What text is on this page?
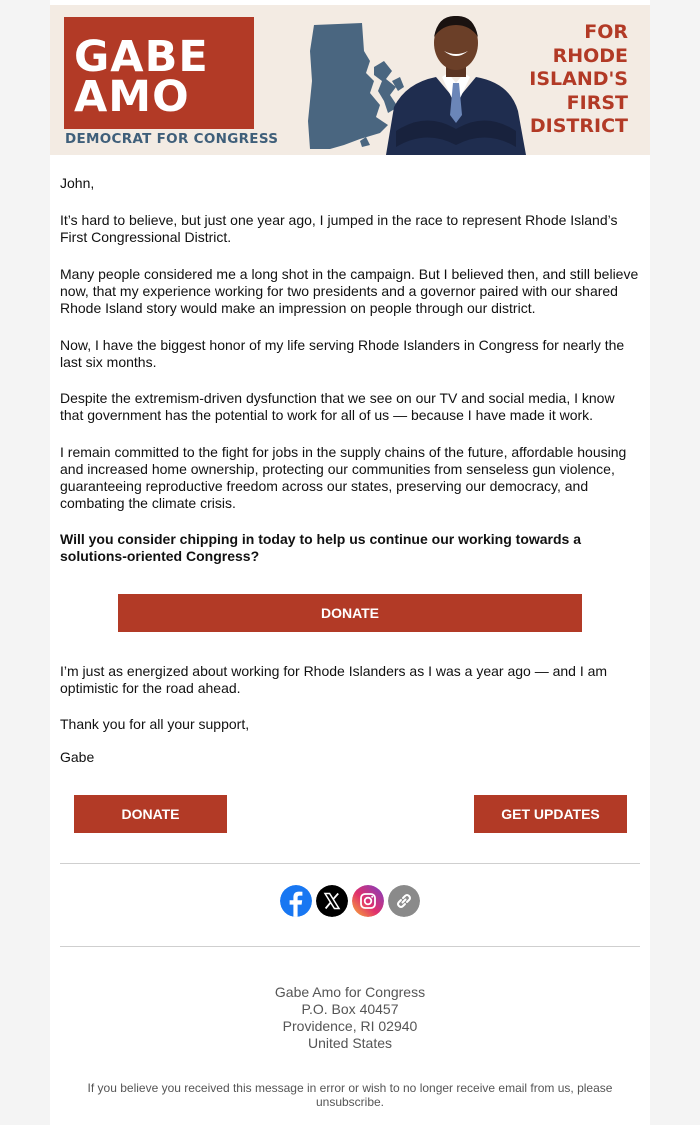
GABE
AMO
DEMOCRAT FOR CONGRESS
FOR
RHODE
ISLAND'S
FIRST
DISTRICT

John,

It’s hard to believe, but just one year ago, I jumped in the race to represent Rhode Island’s First Congressional District.

Many people considered me a long shot in the campaign. But I believed then, and still believe now, that my experience working for two presidents and a governor paired with our shared Rhode Island story would make an impression on people through our district.

Now, I have the biggest honor of my life serving Rhode Islanders in Congress for nearly the last six months.

Despite the extremism-driven dysfunction that we see on our TV and social media, I know that government has the potential to work for all of us — because I have made it work.

I remain committed to the fight for jobs in the supply chains of the future, affordable housing and increased home ownership, protecting our communities from senseless gun violence, guaranteeing reproductive freedom across our states, preserving our democracy, and combating the climate crisis.

Will you consider chipping in today to help us continue our working towards a solutions-oriented Congress?

DONATE

I’m just as energized about working for Rhode Islanders as I was a year ago — and I am optimistic for the road ahead.

Thank you for all your support,

Gabe

DONATE	GET UPDATES
Gabe Amo for Congress
P.O. Box 40457
Providence, RI 02940
United States
If you believe you received this message in error or wish to no longer receive email from us, please unsubscribe.
